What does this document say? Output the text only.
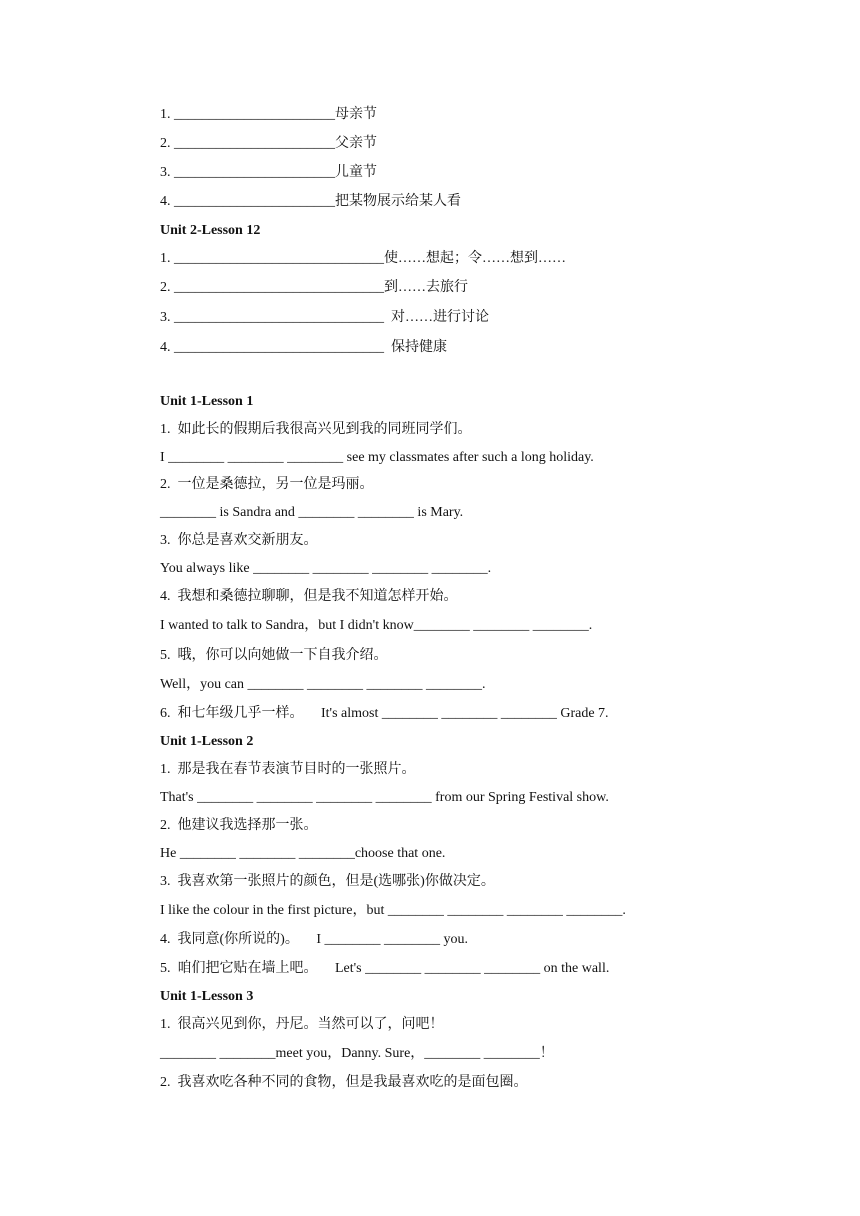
1. _______________________母亲节
2. _______________________父亲节
3. _______________________儿童节
4. _______________________把某物展示给某人看
Unit 2-Lesson 12
1. ______________________________使……想起；令……想到……
2. ______________________________到……去旅行
3. ______________________________  对……进行讨论
4. ______________________________  保持健康
Unit 1-Lesson 1
1.  如此长的假期后我很高兴见到我的同班同学们。
I ________ ________ ________ see my classmates after such a long holiday.
2.  一位是桑德拉，另一位是玛丽。
________ is Sandra and ________ ________ is Mary.
3.  你总是喜欢交新朋友。
You always like ________ ________ ________ ________.
4.  我想和桑德拉聊聊，但是我不知道怎样开始。
I wanted to talk to Sandra，but I didn't know________ ________ ________.
5.  哦，你可以向她做一下自我介绍。
Well，you can ________ ________ ________ ________.
6.  和七年级几乎一样。     It's almost ________ ________ ________ Grade 7.
Unit 1-Lesson 2
1.  那是我在春节表演节目时的一张照片。
That's ________ ________ ________ ________ from our Spring Festival show.
2.  他建议我选择那一张。
He ________ ________ ________choose that one.
3.  我喜欢第一张照片的颜色，但是(选哪张)你做决定。
I like the colour in the first picture，but ________ ________ ________ ________.
4.  我同意(你所说的)。     I ________ ________ you.
5.  咱们把它贴在墙上吧。     Let's ________ ________ ________ on the wall.
Unit 1-Lesson 3
1.  很高兴见到你，丹尼。当然可以了，问吧！
________ ________meet you，Danny. Sure，________ ________！
2.  我喜欢吃各种不同的食物，但是我最喜欢吃的是面包圈。
